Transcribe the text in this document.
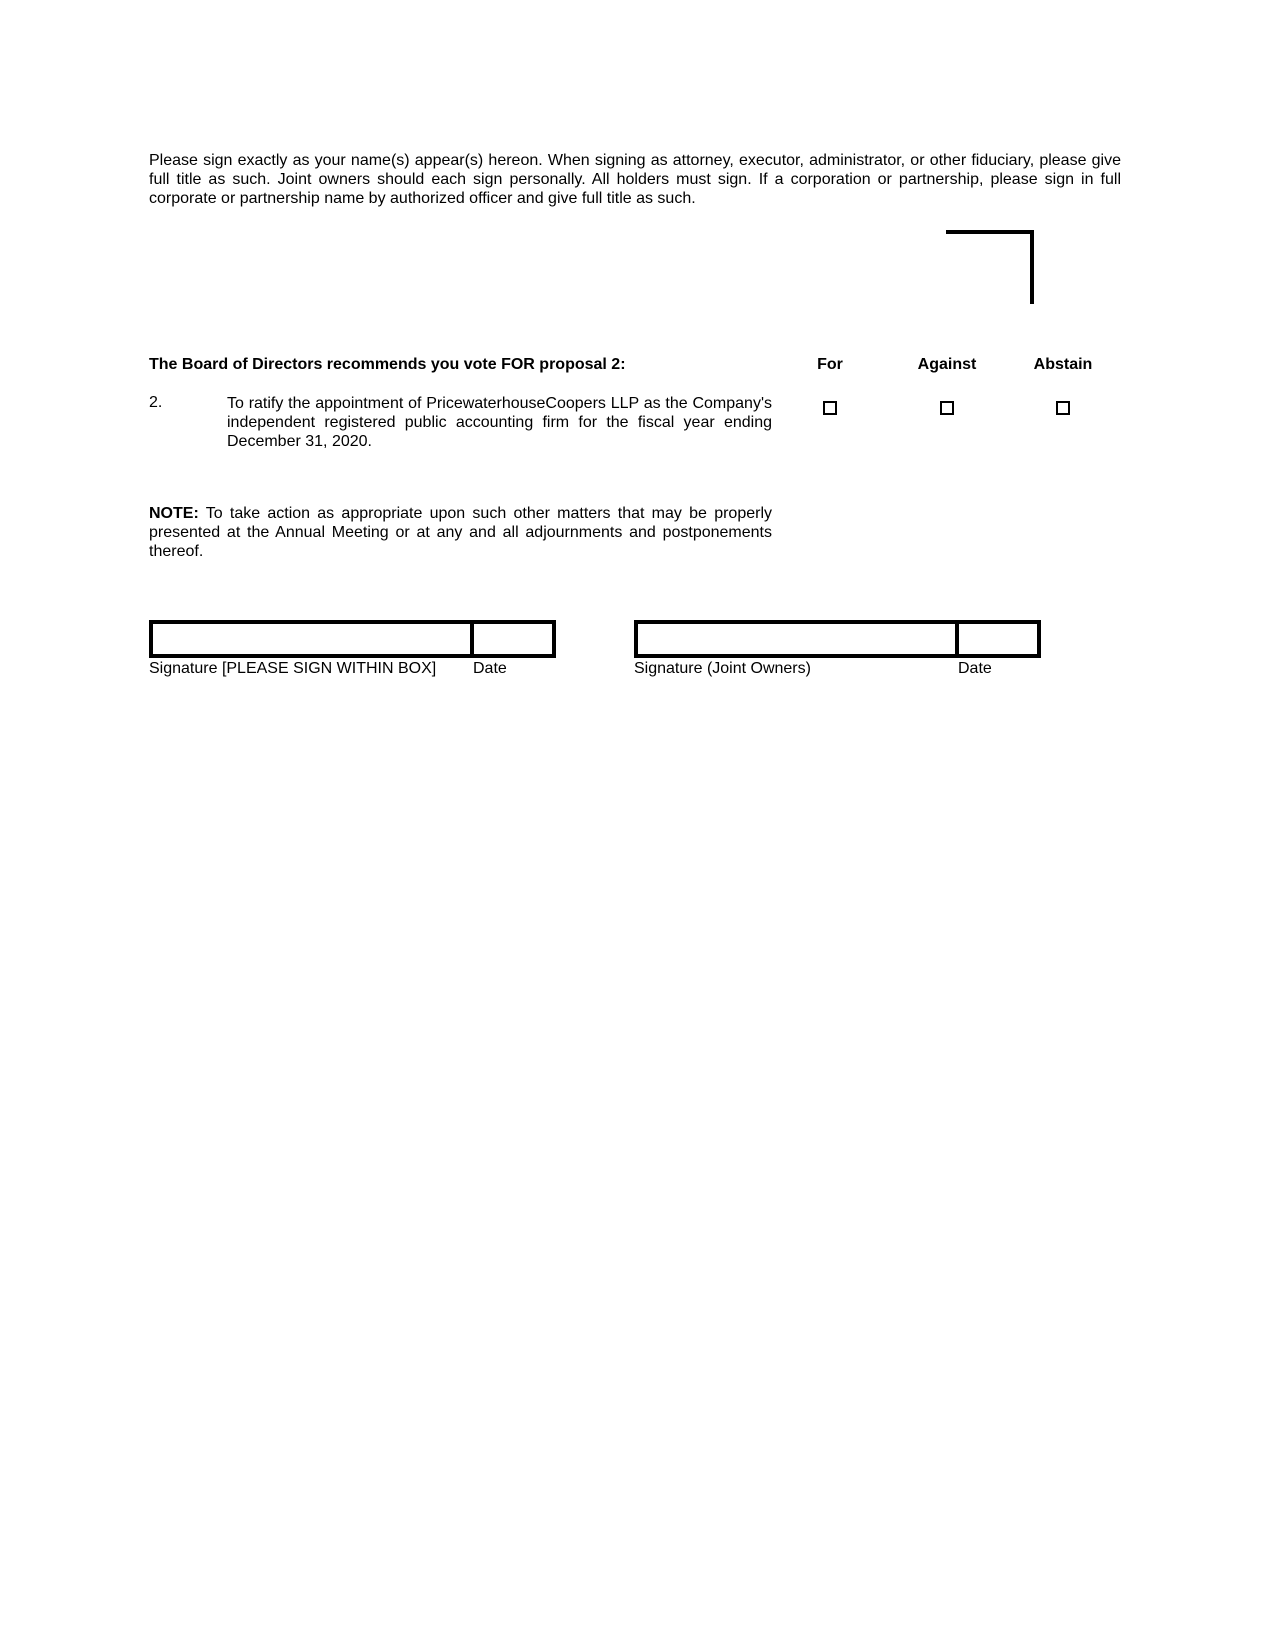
Please sign exactly as your name(s) appear(s) hereon. When signing as attorney, executor, administrator, or other fiduciary, please give full title as such. Joint owners should each sign personally. All holders must sign. If a corporation or partnership, please sign in full corporate or partnership name by authorized officer and give full title as such.

The Board of Directors recommends you vote FOR proposal 2:	For	Against	Abstain
2.	To ratify the appointment of PricewaterhouseCoopers LLP as the Company's independent registered public accounting firm for the fiscal year ending December 31, 2020.

NOTE: To take action as appropriate upon such other matters that may be properly presented at the Annual Meeting or at any and all adjournments and postponements thereof.

Signature [PLEASE SIGN WITHIN BOX] Date	Signature (Joint Owners)	Date
